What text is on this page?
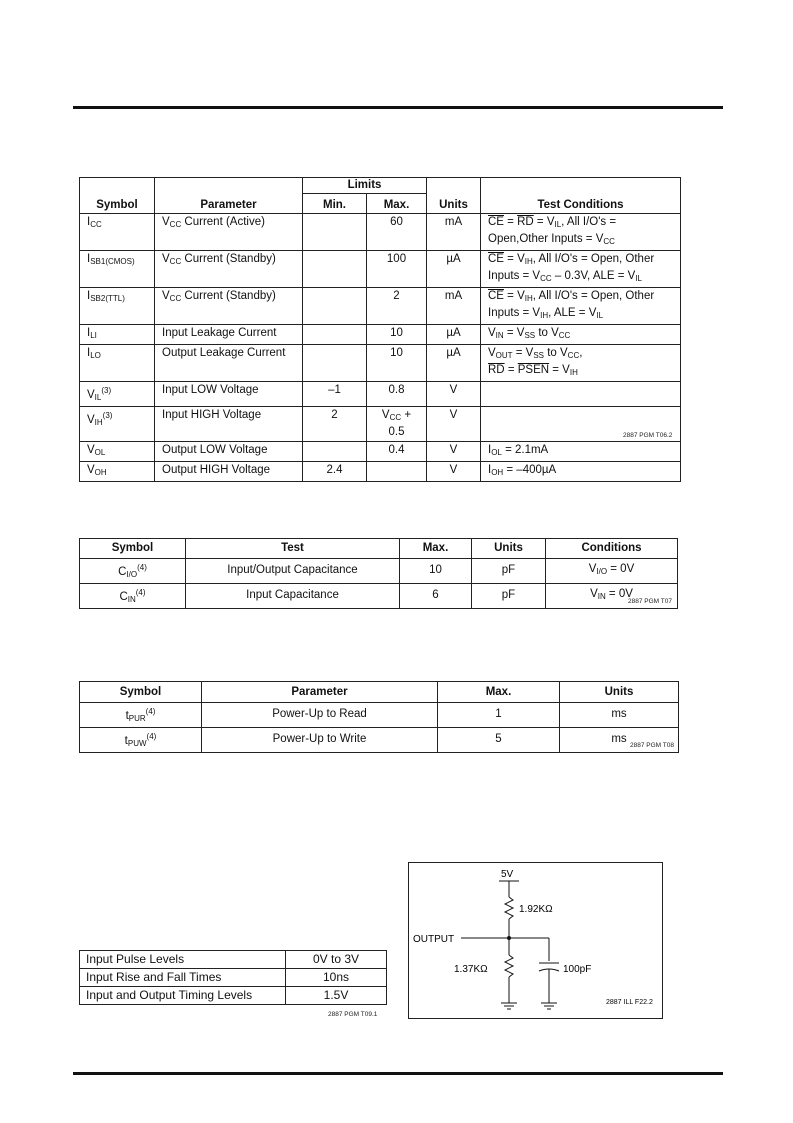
Symbol	Parameter	Limits		Units	Test Conditions
		Min.	Max.		
$I_{CC}$	$V_{CC}$ Current (Active)		60	mA	$\overline{CE} = \overline{RD} = V_{IL}$, All I/O's =
Open,Other Inputs = $V_{CC}$
$I_{SB1(CMOS)}$	$V_{CC}$ Current (Standby)		100	µA	$\overline{CE} = V_{IH}$, All I/O's = Open, Other
Inputs = $V_{CC} - 0.3V$, ALE = $V_{IL}$
$I_{SB2(TTL)}$	$V_{CC}$ Current (Standby)		2	mA	$\overline{CE} = V_{IH}$, All I/O's = Open, Other
Inputs = $V_{IH}$, ALE = $V_{IL}$
$I_{LI}$	Input Leakage Current		10	µA	$V_{IN} = V_{SS}$ to $V_{CC}$
$I_{LO}$	Output Leakage Current		10	µA	$V_{OUT} = V_{SS}$ to $V_{CC}$,
$\overline{RD}$ = PSEN = $V_{IH}$
$V_{IL}^{(3)}$	Input LOW Voltage	–1	0.8	V	
$V_{IH}^{(3)}$	Input HIGH Voltage	2	$V_{CC} + 0.5$	V	
$V_{OL}$	Output LOW Voltage		0.4	V	$I_{OL} = 2.1mA$
$V_{OH}$	Output HIGH Voltage	2.4		V	$I_{OH} = -400\mu A$
2887 PGM T06.2
Symbol	Test	Max.	Units	Conditions
$C_{I/O}^{(4)}$	Input/Output Capacitance	10	pF	$V_{I/O} = 0V$
$C_{IN}^{(4)}$	Input Capacitance	6	pF	$V_{IN} = 0V$
2887 PGM T07
Symbol	Parameter	Max.	Units
$t_{PUR}^{(4)}$	Power-Up to Read	1	ms
$t_{PUW}^{(4)}$	Power-Up to Write	5	ms
2887 PGM T08
Input Pulse Levels	0V to 3V
Input Rise and Fall Times	10ns
Input and Output Timing Levels	1.5V
2887 PGM T09.1
5V
1.92KΩ
OUTPUT
1.37KΩ	100pF
2887 ILL F22.2
